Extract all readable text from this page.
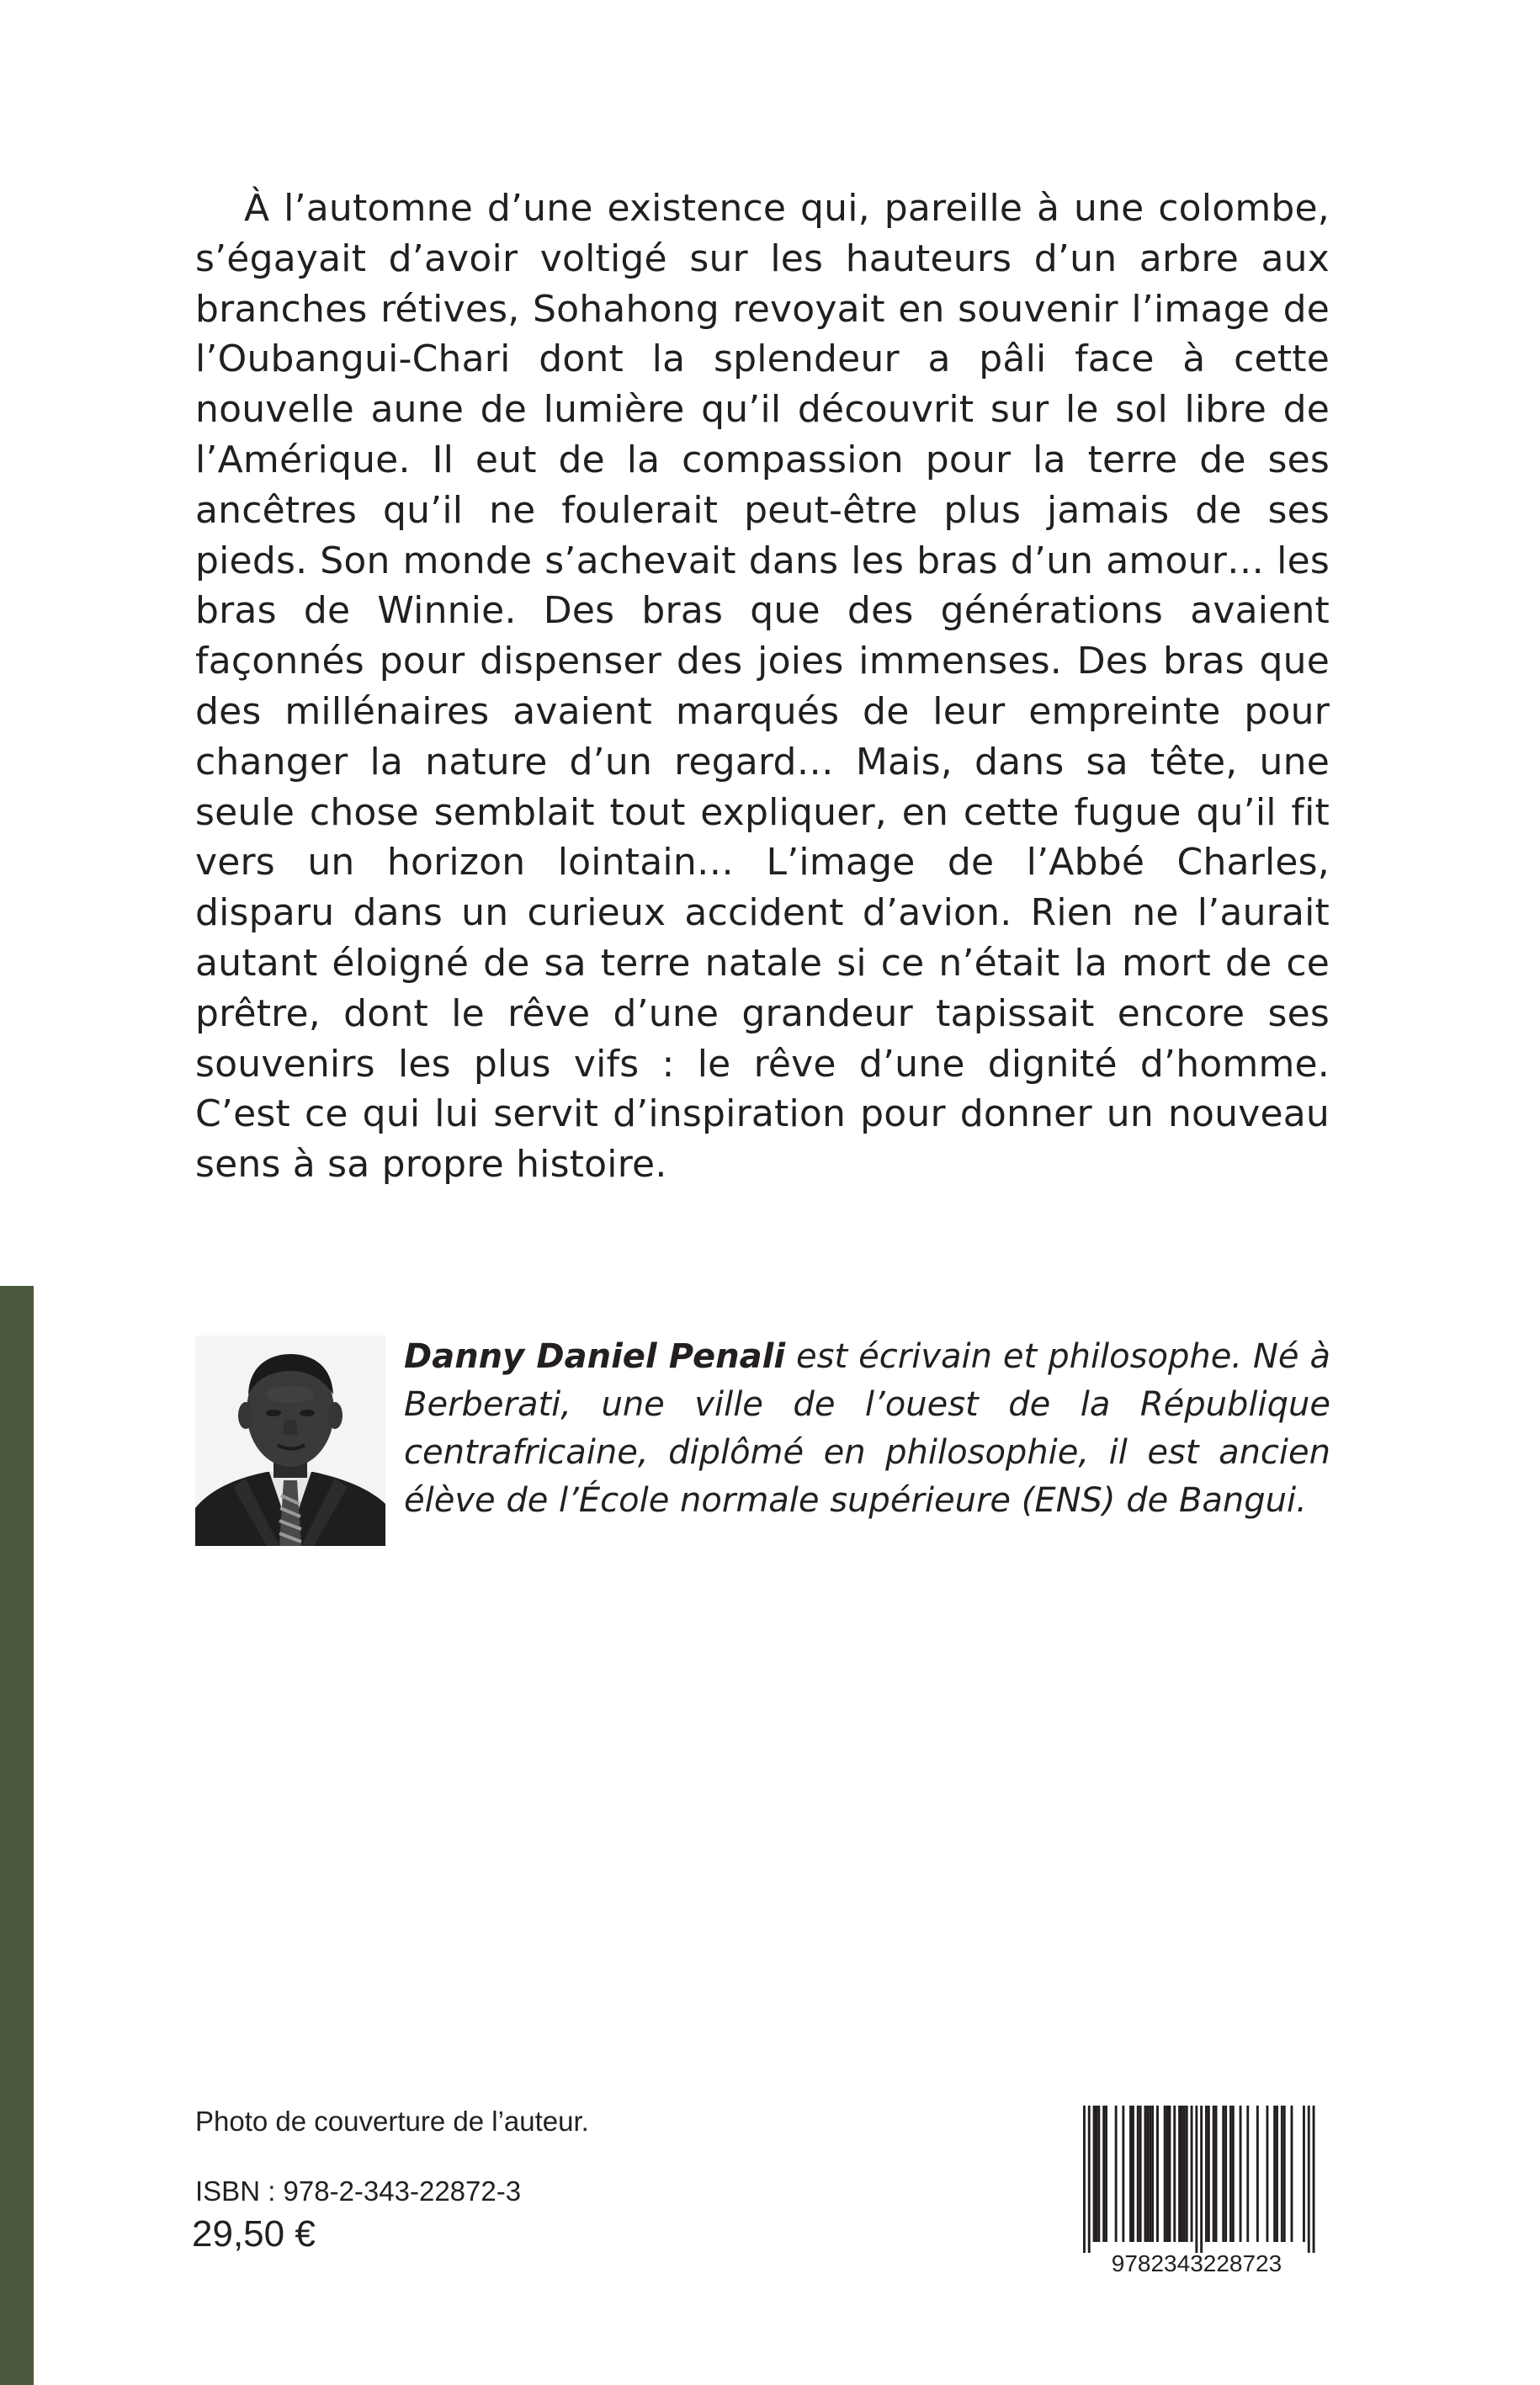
À l’automne d’une existence qui, pareille à une colombe, s’égayait d’avoir voltigé sur les hauteurs d’un arbre aux branches rétives, Sohahong revoyait en souvenir l’image de l’Oubangui-Chari dont la splendeur a pâli face à cette nouvelle aune de lumière qu’il découvrit sur le sol libre de l’Amérique. Il eut de la compassion pour la terre de ses ancêtres qu’il ne foulerait peut-être plus jamais de ses pieds. Son monde s’achevait dans les bras d’un amour… les bras de Winnie. Des bras que des générations avaient façonnés pour dispenser des joies immenses. Des bras que des millénaires avaient marqués de leur empreinte pour changer la nature d’un regard… Mais, dans sa tête, une seule chose semblait tout expliquer, en cette fugue qu’il fit vers un horizon lointain… L’image de l’Abbé Charles, disparu dans un curieux accident d’avion. Rien ne l’aurait autant éloigné de sa terre natale si ce n’était la mort de ce prêtre, dont le rêve d’une grandeur tapissait encore ses souvenirs les plus vifs : le rêve d’une dignité d’homme. C’est ce qui lui servit d’inspiration pour donner un nouveau sens à sa propre histoire.

Danny Daniel Penali est écrivain et philosophe. Né à Berberati, une ville de l’ouest de la République centrafricaine, diplômé en philosophie, il est ancien élève de l’École normale supérieure (ENS) de Bangui.

Photo de couverture de l’auteur.

ISBN : 978-2-343-22872-3

29,50 €

9782343228723
